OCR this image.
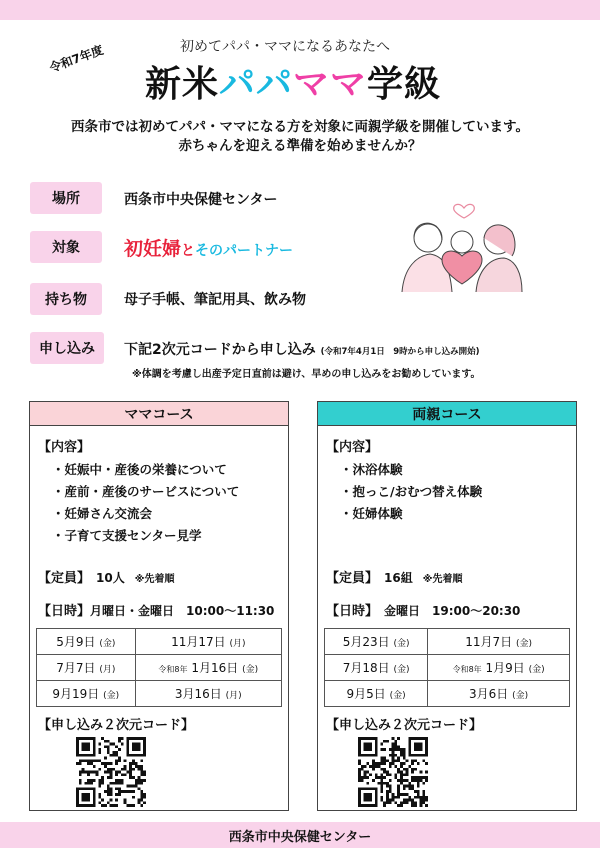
令和7年度	初めてパパ・ママになるあなたへ
新米パパママ学級
西条市では初めてパパ・ママになる方を対象に両親学級を開催しています。
赤ちゃんを迎える準備を始めませんか？
場所	西条市中央保健センター
対象	初妊婦とそのパートナー
持ち物	母子手帳、筆記用具、飲み物
申し込み	下記2次元コードから申し込み (令和7年4月1日　9時から申し込み開始)
※体調を考慮し出産予定日直前は避け、早めの申し込みをお勧めしています。
ママコース
【内容】
・妊娠中・産後の栄養について
・産前・産後のサービスについて
・妊婦さん交流会
・子育て支援センター見学
【定員】 10人 ※先着順
【日時】月曜日・金曜日　10:00～11:30
5月9日 (金)	11月17日 (月)
7月7日 (月)	令和8年 1月16日 (金)
9月19日 (金)	3月16日 (月)
【申し込み２次元コード】
両親コース
【内容】
・沐浴体験
・抱っこ/おむつ替え体験
・妊婦体験
【定員】 16組 ※先着順
【日時】 金曜日　19:00～20:30
5月23日 (金)	11月7日 (金)
7月18日 (金)	令和8年 1月9日 (金)
9月5日 (金)	3月6日 (金)
【申し込み２次元コード】
西条市中央保健センター
